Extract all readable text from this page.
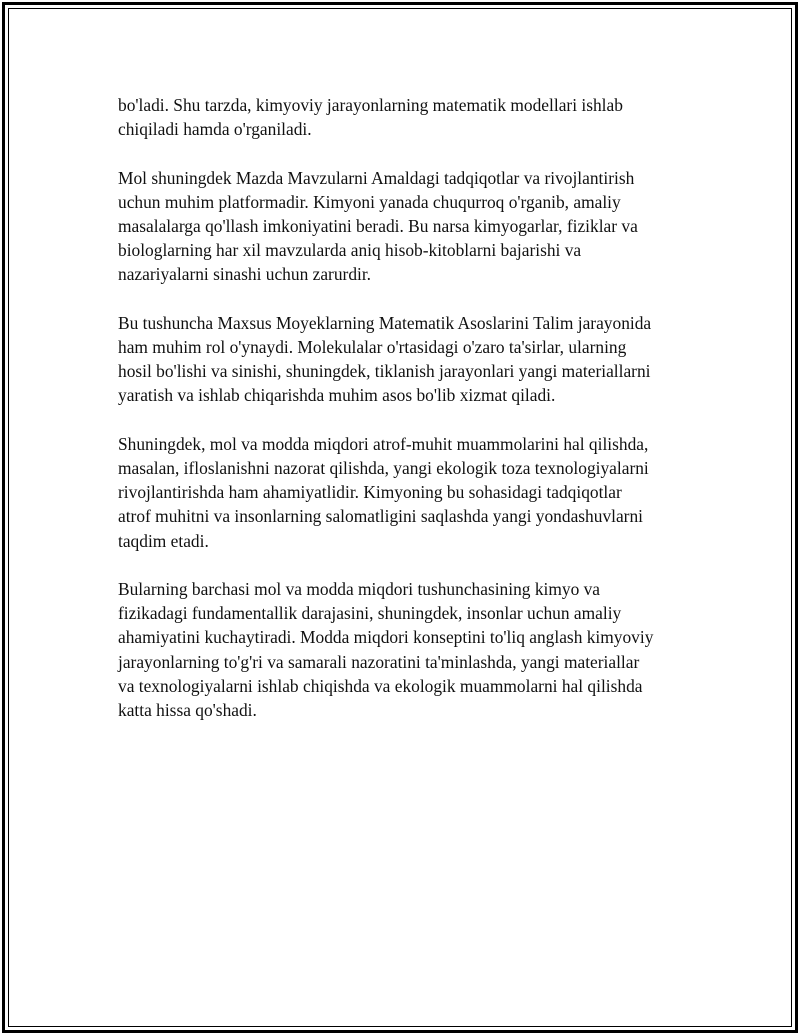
bo'ladi. Shu tarzda, kimyoviy jarayonlarning matematik modellari ishlab
chiqiladi hamda o'rganiladi.

Mol shuningdek Mazda Mavzularni Amaldagi tadqiqotlar va rivojlantirish
uchun muhim platformadir. Kimyoni yanada chuqurroq o'rganib, amaliy
masalalarga qo'llash imkoniyatini beradi. Bu narsa kimyogarlar, fiziklar va
biologlarning har xil mavzularda aniq hisob-kitoblarni bajarishi va
nazariyalarni sinashi uchun zarurdir.

Bu tushuncha Maxsus Moyeklarning Matematik Asoslarini Talim jarayonida
ham muhim rol o'ynaydi. Molekulalar o'rtasidagi o'zaro ta'sirlar, ularning
hosil bo'lishi va sinishi, shuningdek, tiklanish jarayonlari yangi materiallarni
yaratish va ishlab chiqarishda muhim asos bo'lib xizmat qiladi.

Shuningdek, mol va modda miqdori atrof-muhit muammolarini hal qilishda,
masalan, ifloslanishni nazorat qilishda, yangi ekologik toza texnologiyalarni
rivojlantirishda ham ahamiyatlidir. Kimyoning bu sohasidagi tadqiqotlar
atrof muhitni va insonlarning salomatligini saqlashda yangi yondashuvlarni
taqdim etadi.

Bularning barchasi mol va modda miqdori tushunchasining kimyo va
fizikadagi fundamentallik darajasini, shuningdek, insonlar uchun amaliy
ahamiyatini kuchaytiradi. Modda miqdori konseptini to'liq anglash kimyoviy
jarayonlarning to'g'ri va samarali nazoratini ta'minlashda, yangi materiallar
va texnologiyalarni ishlab chiqishda va ekologik muammolarni hal qilishda
katta hissa qo'shadi.
